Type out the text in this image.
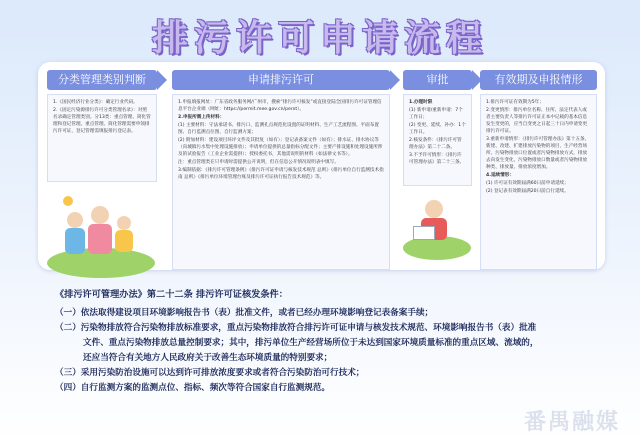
排污许可申请流程
分类管理类别判断

1.《国民经济行业分类》：确定行业代码。

2.《固定污染源排污许可分类管理名录》：对照名录确定管理类别。分13类：重点管理、简化管理和登记管理。重点管理、简化管理需要申领排污许可证，登记管理需填报排污登记表。

申请排污许可

1.申报填报网址：广东省政务服务网/广州市，搜索“排污许可核发”或直接登陆全国排污许可证管理信息平台企业端（网址：https://permit.mee.gov.cn/perxt）。

2.申报所需上传材料：

(1) 主要材料：守法承诺书、排污口、监测孔点规范化设置的证明材料、生产工艺流程图、平面布置图、自行监测点位图、自行监测方案；

(2) 附加材料：建设项目环评文件及其批复（如有）；登记表备案文件（如有）；排水证、排水协议等（向城镇污水集中处理设施排放）；申请单位提供的总量指标分配文件；主要产排设施和处理设施所涉及的试验报告（工业企业需提供）；授权委托书，其他需说明的材料（如法律文书等）。

注：重点管理类在只申请时需提供公开说明，但在信息公开情况说明表中填写。

3.编制依据：《排污许可管理条例》《排污许可证申请与核发技术规范 总则》《排污单位自行监测技术指南 总则》《排污单位环境管理台账及排污许可证执行报告技术规范》等。

审批

1.办理时限

(1) 新申请/重新申请：7个工作日；

(2) 变更、延续、补办：1个工作日。

2.核发条件：《排污许可管理办法》第二十二条。

3.不予许可情形：《排污许可管理办法》第二十三条。

有效期及申报情形

1.排污许可证有效期为5年；

2.变更情形：排污单位名称、住所、法定代表人或者主要负责人等排污许可证正本中记载的基本信息发生变更的，应当自变更之日起三十日内申请变更排污许可证。

3.重新申请情形：《排污许可管理办法》第十五条，新建、改建、扩建排放污染物的项目，生产经营场所、污染物排放口位置或者污染物排放方式，排放去向发生变化，污染物排放口数量或者污染物排放种类、排放量、排放浓度增加。

4.延续情形：

(1) 许可证有效期届满60日前申请延续；

(2) 登记表有效期届满20日前自行延续。

《排污许可管理办法》第二十二条 排污许可证核发条件：
（一）依法取得建设项目环境影响报告书（表）批准文件，或者已经办理环境影响登记表备案手续；
（二）污染物排放符合污染物排放标准要求，重点污染物排放符合排污许可证申请与核发技术规范、环境影响报告书（表）批准
文件、重点污染物排放总量控制要求；其中，排污单位生产经营场所位于未达到国家环境质量标准的重点区域、流域的，
还应当符合有关地方人民政府关于改善生态环境质量的特别要求；
（三）采用污染防治设施可以达到许可排放浓度要求或者符合污染防治可行技术；
（四）自行监测方案的监测点位、指标、频次等符合国家自行监测规范。
番禺融媒
